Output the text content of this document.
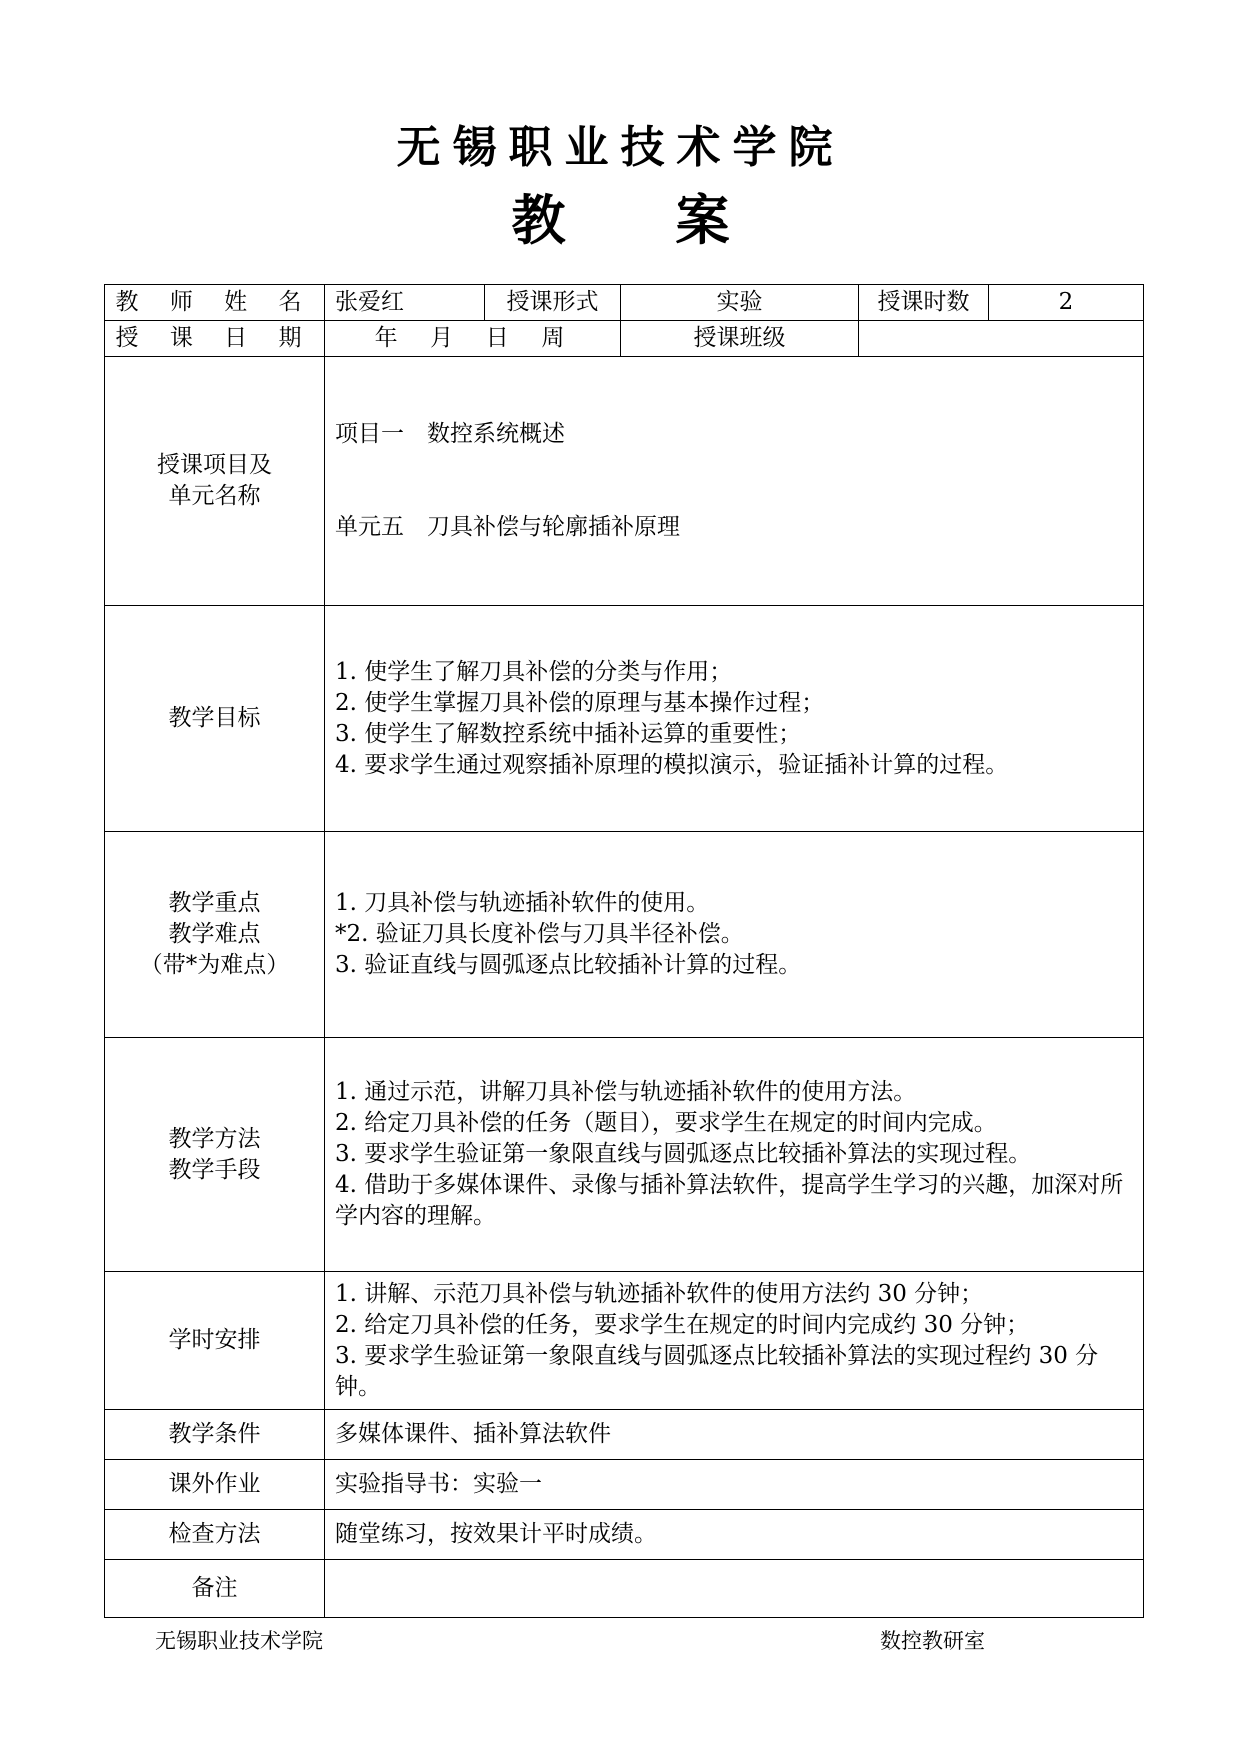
无锡职业技术学院
教案
教 师 姓 名	张爱红	授课形式	实验	授课时数	2
授 课 日 期	年  月  日  周		授课班级		

授课项目及
单元名称	项目一　数控系统概述

单元五　刀具补偿与轮廓插补原理				

教学目标	1. 使学生了解刀具补偿的分类与作用；
2. 使学生掌握刀具补偿的原理与基本操作过程；
3. 使学生了解数控系统中插补运算的重要性；
4. 要求学生通过观察插补原理的模拟演示，验证插补计算的过程。				

教学重点
教学难点
（带*为难点）	1. 刀具补偿与轨迹插补软件的使用。
*2. 验证刀具长度补偿与刀具半径补偿。
3. 验证直线与圆弧逐点比较插补计算的过程。				

教学方法
教学手段	1. 通过示范，讲解刀具补偿与轨迹插补软件的使用方法。
2. 给定刀具补偿的任务（题目），要求学生在规定的时间内完成。
3. 要求学生验证第一象限直线与圆弧逐点比较插补算法的实现过程。
4. 借助于多媒体课件、录像与插补算法软件，提高学生学习的兴趣，加深对所学内容的理解。				

学时安排	1. 讲解、示范刀具补偿与轨迹插补软件的使用方法约 30 分钟；
2. 给定刀具补偿的任务，要求学生在规定的时间内完成约 30 分钟；
3. 要求学生验证第一象限直线与圆弧逐点比较插补算法的实现过程约 30 分钟。				

教学条件	多媒体课件、插补算法软件				
课外作业	实验指导书：实验一				
检查方法	随堂练习，按效果计平时成绩。				
备注					
无锡职业技术学院	数控教研室
